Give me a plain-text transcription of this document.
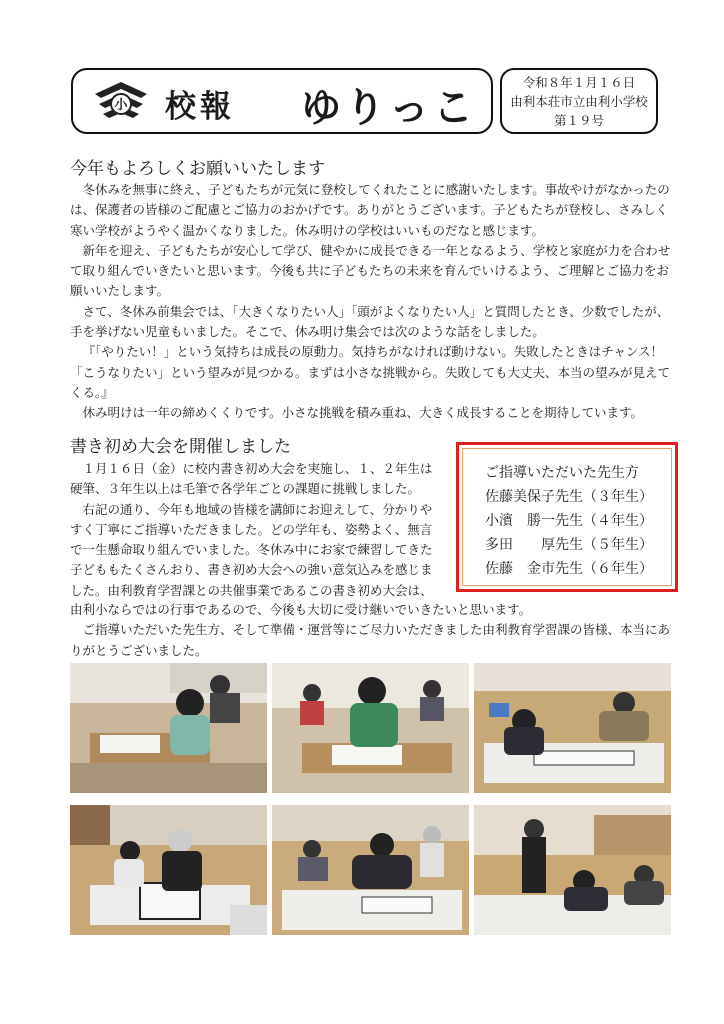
小 校報 ゆりっこ
令和８年１月１６日
由利本荘市立由利小学校
第１９号
今年もよろしくお願いいたします

冬休みを無事に終え、子どもたちが元気に登校してくれたことに感謝いたします。事故やけがなかったのは、保護者の皆様のご配慮とご協力のおかげです。ありがとうございます。子どもたちが登校し、さみしく寒い学校がようやく温かくなりました。休み明けの学校はいいものだなと感じます。

新年を迎え、子どもたちが安心して学び、健やかに成長できる一年となるよう、学校と家庭が力を合わせて取り組んでいきたいと思います。今後も共に子どもたちの未来を育んでいけるよう、ご理解とご協力をお願いいたします。

さて、冬休み前集会では、「大きくなりたい人」「頭がよくなりたい人」と質問したとき、少数でしたが、手を挙げない児童もいました。そこで、休み明け集会では次のような話をしました。

『「やりたい！」という気持ちは成長の原動力。気持ちがなければ動けない。失敗したときはチャンス！「こうなりたい」という望みが見つかる。まずは小さな挑戦から。失敗しても大丈夫、本当の望みが見えてくる。』

休み明けは一年の締めくくりです。小さな挑戦を積み重ね、大きく成長することを期待しています。

書き初め大会を開催しました

１月１６日（金）に校内書き初め大会を実施し、１、２年生は硬筆、３年生以上は毛筆で各学年ごとの課題に挑戦しました。

右記の通り、今年も地域の皆様を講師にお迎えして、分かりやすく丁寧にご指導いただきました。どの学年も、姿勢よく、無言で一生懸命取り組んでいました。冬休み中にお家で練習してきた子どももたくさんおり、書き初め大会への強い意気込みを感じました。由利教育学習課との共催事業であるこの書き初め大会は、

由利小ならではの行事であるので、今後も大切に受け継いでいきたいと思います。

ご指導いただいた先生方、そして準備・運営等にご尽力いただきました由利教育学習課の皆様、本当にありがとうございました。

ご指導いただいた先生方
佐藤美保子先生（３年生）
小濱　勝一先生（４年生）
多田　　厚先生（５年生）
佐藤　金市先生（６年生）
